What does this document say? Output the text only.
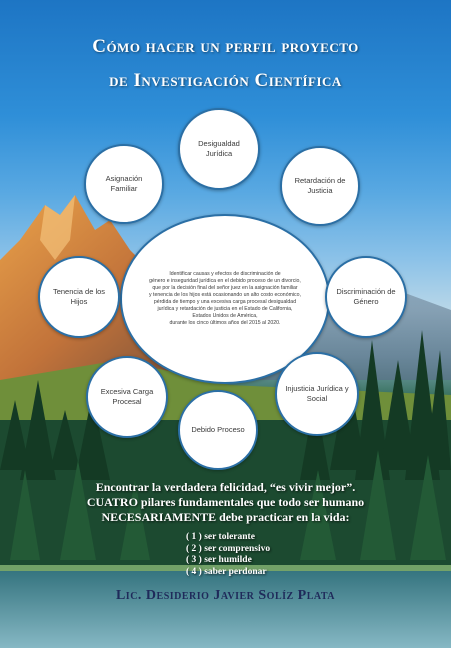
Cómo hacer un perfil proyecto
de Investigación Científica
Identificar causas y efectos de discriminación de
género e inseguridad jurídica en el debido proceso de un divorcio,
que por la decisión final del señor juez en la asignación familiar
y tenencia de los hijos está ocasionando un alto costo económico,
pérdida de tiempo y una excesiva carga procesal desigualdad
jurídica y retardación de justicia en el Estado de California,
Estados Unidos de América,
durante los cinco últimos años del 2015 al 2020.
Desigualdad Jurídica
Asignación Familiar
Retardación de Justicia
Tenencia de los Hijos
Discriminación de Género
Excesiva Carga Procesal
Debido Proceso
Injusticia Jurídica y Social
Encontrar la verdadera felicidad, “es vivir mejor”.
CUATRO pilares fundamentales que todo ser humano
NECESARIAMENTE debe practicar en la vida:
( 1 ) ser tolerante
( 2 ) ser comprensivo
( 3 ) ser humilde
( 4 ) saber perdonar
Lic. Desiderio Javier Solíz Plata
